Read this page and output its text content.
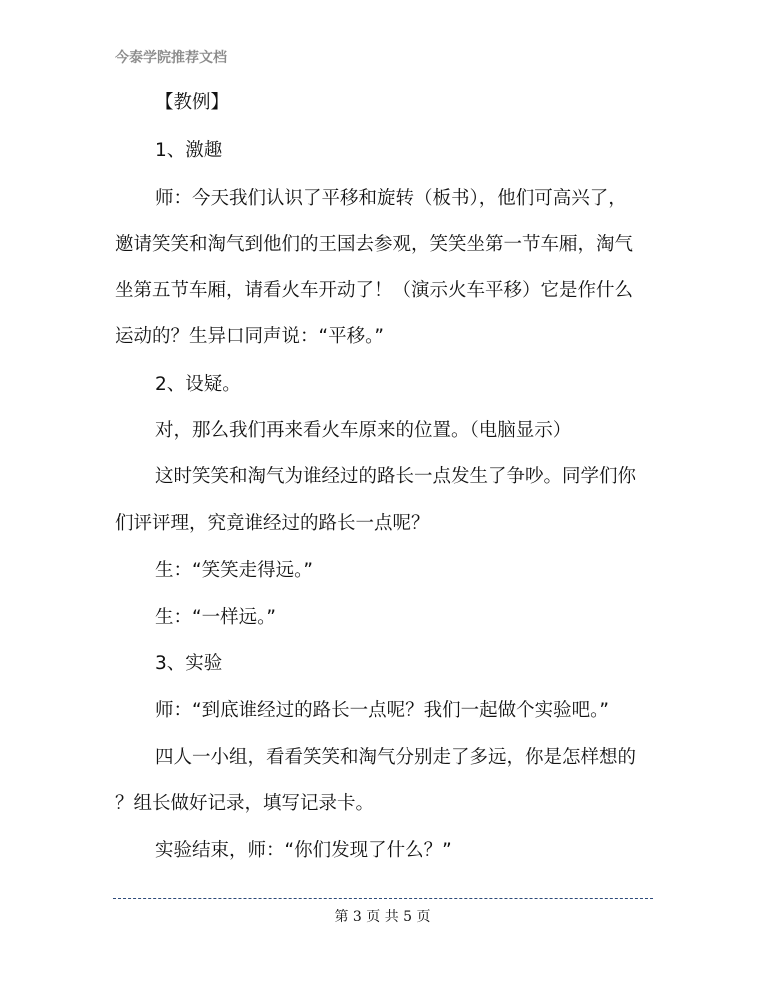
今泰学院推荐文档
【教例】
1、激趣
师：今天我们认识了平移和旋转（板书），他们可高兴了，
邀请笑笑和淘气到他们的王国去参观，笑笑坐第一节车厢，淘气
坐第五节车厢，请看火车开动了！（演示火车平移）它是作什么
运动的？生异口同声说：“平移。”
2、设疑。
对，那么我们再来看火车原来的位置。（电脑显示）
这时笑笑和淘气为谁经过的路长一点发生了争吵。同学们你
们评评理，究竟谁经过的路长一点呢？
生：“笑笑走得远。”
生：“一样远。”
3、实验
师：“到底谁经过的路长一点呢？我们一起做个实验吧。”
四人一小组，看看笑笑和淘气分别走了多远，你是怎样想的
？组长做好记录，填写记录卡。
实验结束，师：“你们发现了什么？”
第 3 页 共 5 页
